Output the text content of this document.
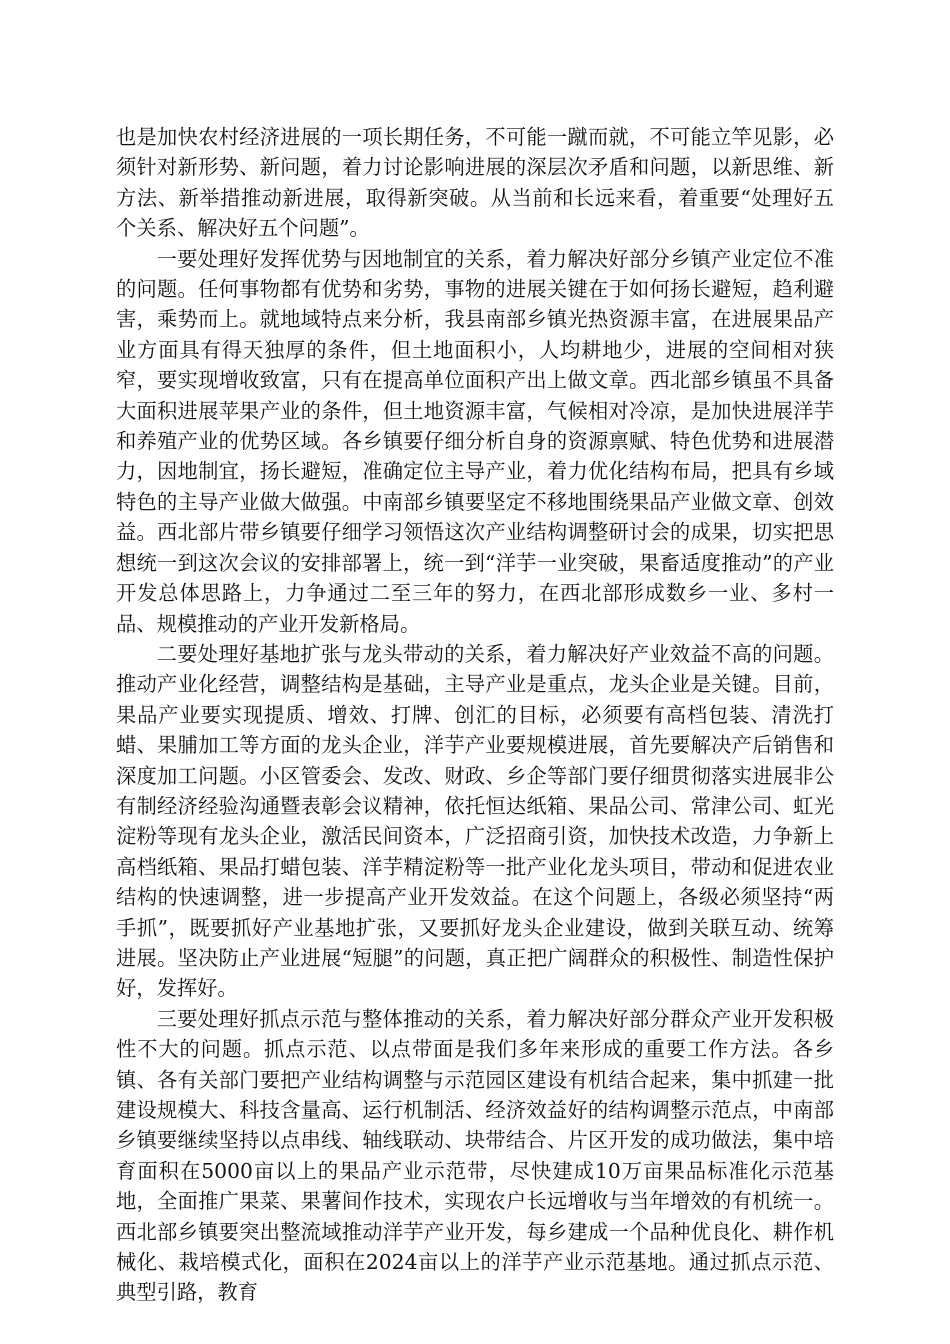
也是加快农村经济进展的一项长期任务，不可能一蹴而就，不可能立竿见影，必须针对新形势、新问题，着力讨论影响进展的深层次矛盾和问题，以新思维、新方法、新举措推动新进展，取得新突破。从当前和长远来看，着重要“处理好五个关系、解决好五个问题”。

一要处理好发挥优势与因地制宜的关系，着力解决好部分乡镇产业定位不准的问题。任何事物都有优势和劣势，事物的进展关键在于如何扬长避短，趋利避害，乘势而上。就地域特点来分析，我县南部乡镇光热资源丰富，在进展果品产业方面具有得天独厚的条件，但土地面积小，人均耕地少，进展的空间相对狭窄，要实现增收致富，只有在提高单位面积产出上做文章。西北部乡镇虽不具备大面积进展苹果产业的条件，但土地资源丰富，气候相对冷凉，是加快进展洋芋和养殖产业的优势区域。各乡镇要仔细分析自身的资源禀赋、特色优势和进展潜力，因地制宜，扬长避短，准确定位主导产业，着力优化结构布局，把具有乡域特色的主导产业做大做强。中南部乡镇要坚定不移地围绕果品产业做文章、创效益。西北部片带乡镇要仔细学习领悟这次产业结构调整研讨会的成果，切实把思想统一到这次会议的安排部署上，统一到“洋芋一业突破，果畜适度推动”的产业开发总体思路上，力争通过二至三年的努力，在西北部形成数乡一业、多村一品、规模推动的产业开发新格局。

二要处理好基地扩张与龙头带动的关系，着力解决好产业效益不高的问题。推动产业化经营，调整结构是基础，主导产业是重点，龙头企业是关键。目前，果品产业要实现提质、增效、打牌、创汇的目标，必须要有高档包装、清洗打蜡、果脯加工等方面的龙头企业，洋芋产业要规模进展，首先要解决产后销售和深度加工问题。小区管委会、发改、财政、乡企等部门要仔细贯彻落实进展非公有制经济经验沟通暨表彰会议精神，依托恒达纸箱、果品公司、常津公司、虹光淀粉等现有龙头企业，激活民间资本，广泛招商引资，加快技术改造，力争新上高档纸箱、果品打蜡包装、洋芋精淀粉等一批产业化龙头项目，带动和促进农业结构的快速调整，进一步提高产业开发效益。在这个问题上，各级必须坚持“两手抓”，既要抓好产业基地扩张，又要抓好龙头企业建设，做到关联互动、统筹进展。坚决防止产业进展“短腿”的问题，真正把广阔群众的积极性、制造性保护好，发挥好。

三要处理好抓点示范与整体推动的关系，着力解决好部分群众产业开发积极性不大的问题。抓点示范、以点带面是我们多年来形成的重要工作方法。各乡镇、各有关部门要把产业结构调整与示范园区建设有机结合起来，集中抓建一批建设规模大、科技含量高、运行机制活、经济效益好的结构调整示范点，中南部乡镇要继续坚持以点串线、轴线联动、块带结合、片区开发的成功做法，集中培育面积在5000亩以上的果品产业示范带，尽快建成10万亩果品标准化示范基地，全面推广果菜、果薯间作技术，实现农户长远增收与当年增效的有机统一。西北部乡镇要突出整流域推动洋芋产业开发，每乡建成一个品种优良化、耕作机械化、栽培模式化，面积在2024亩以上的洋芋产业示范基地。通过抓点示范、典型引路，教育
